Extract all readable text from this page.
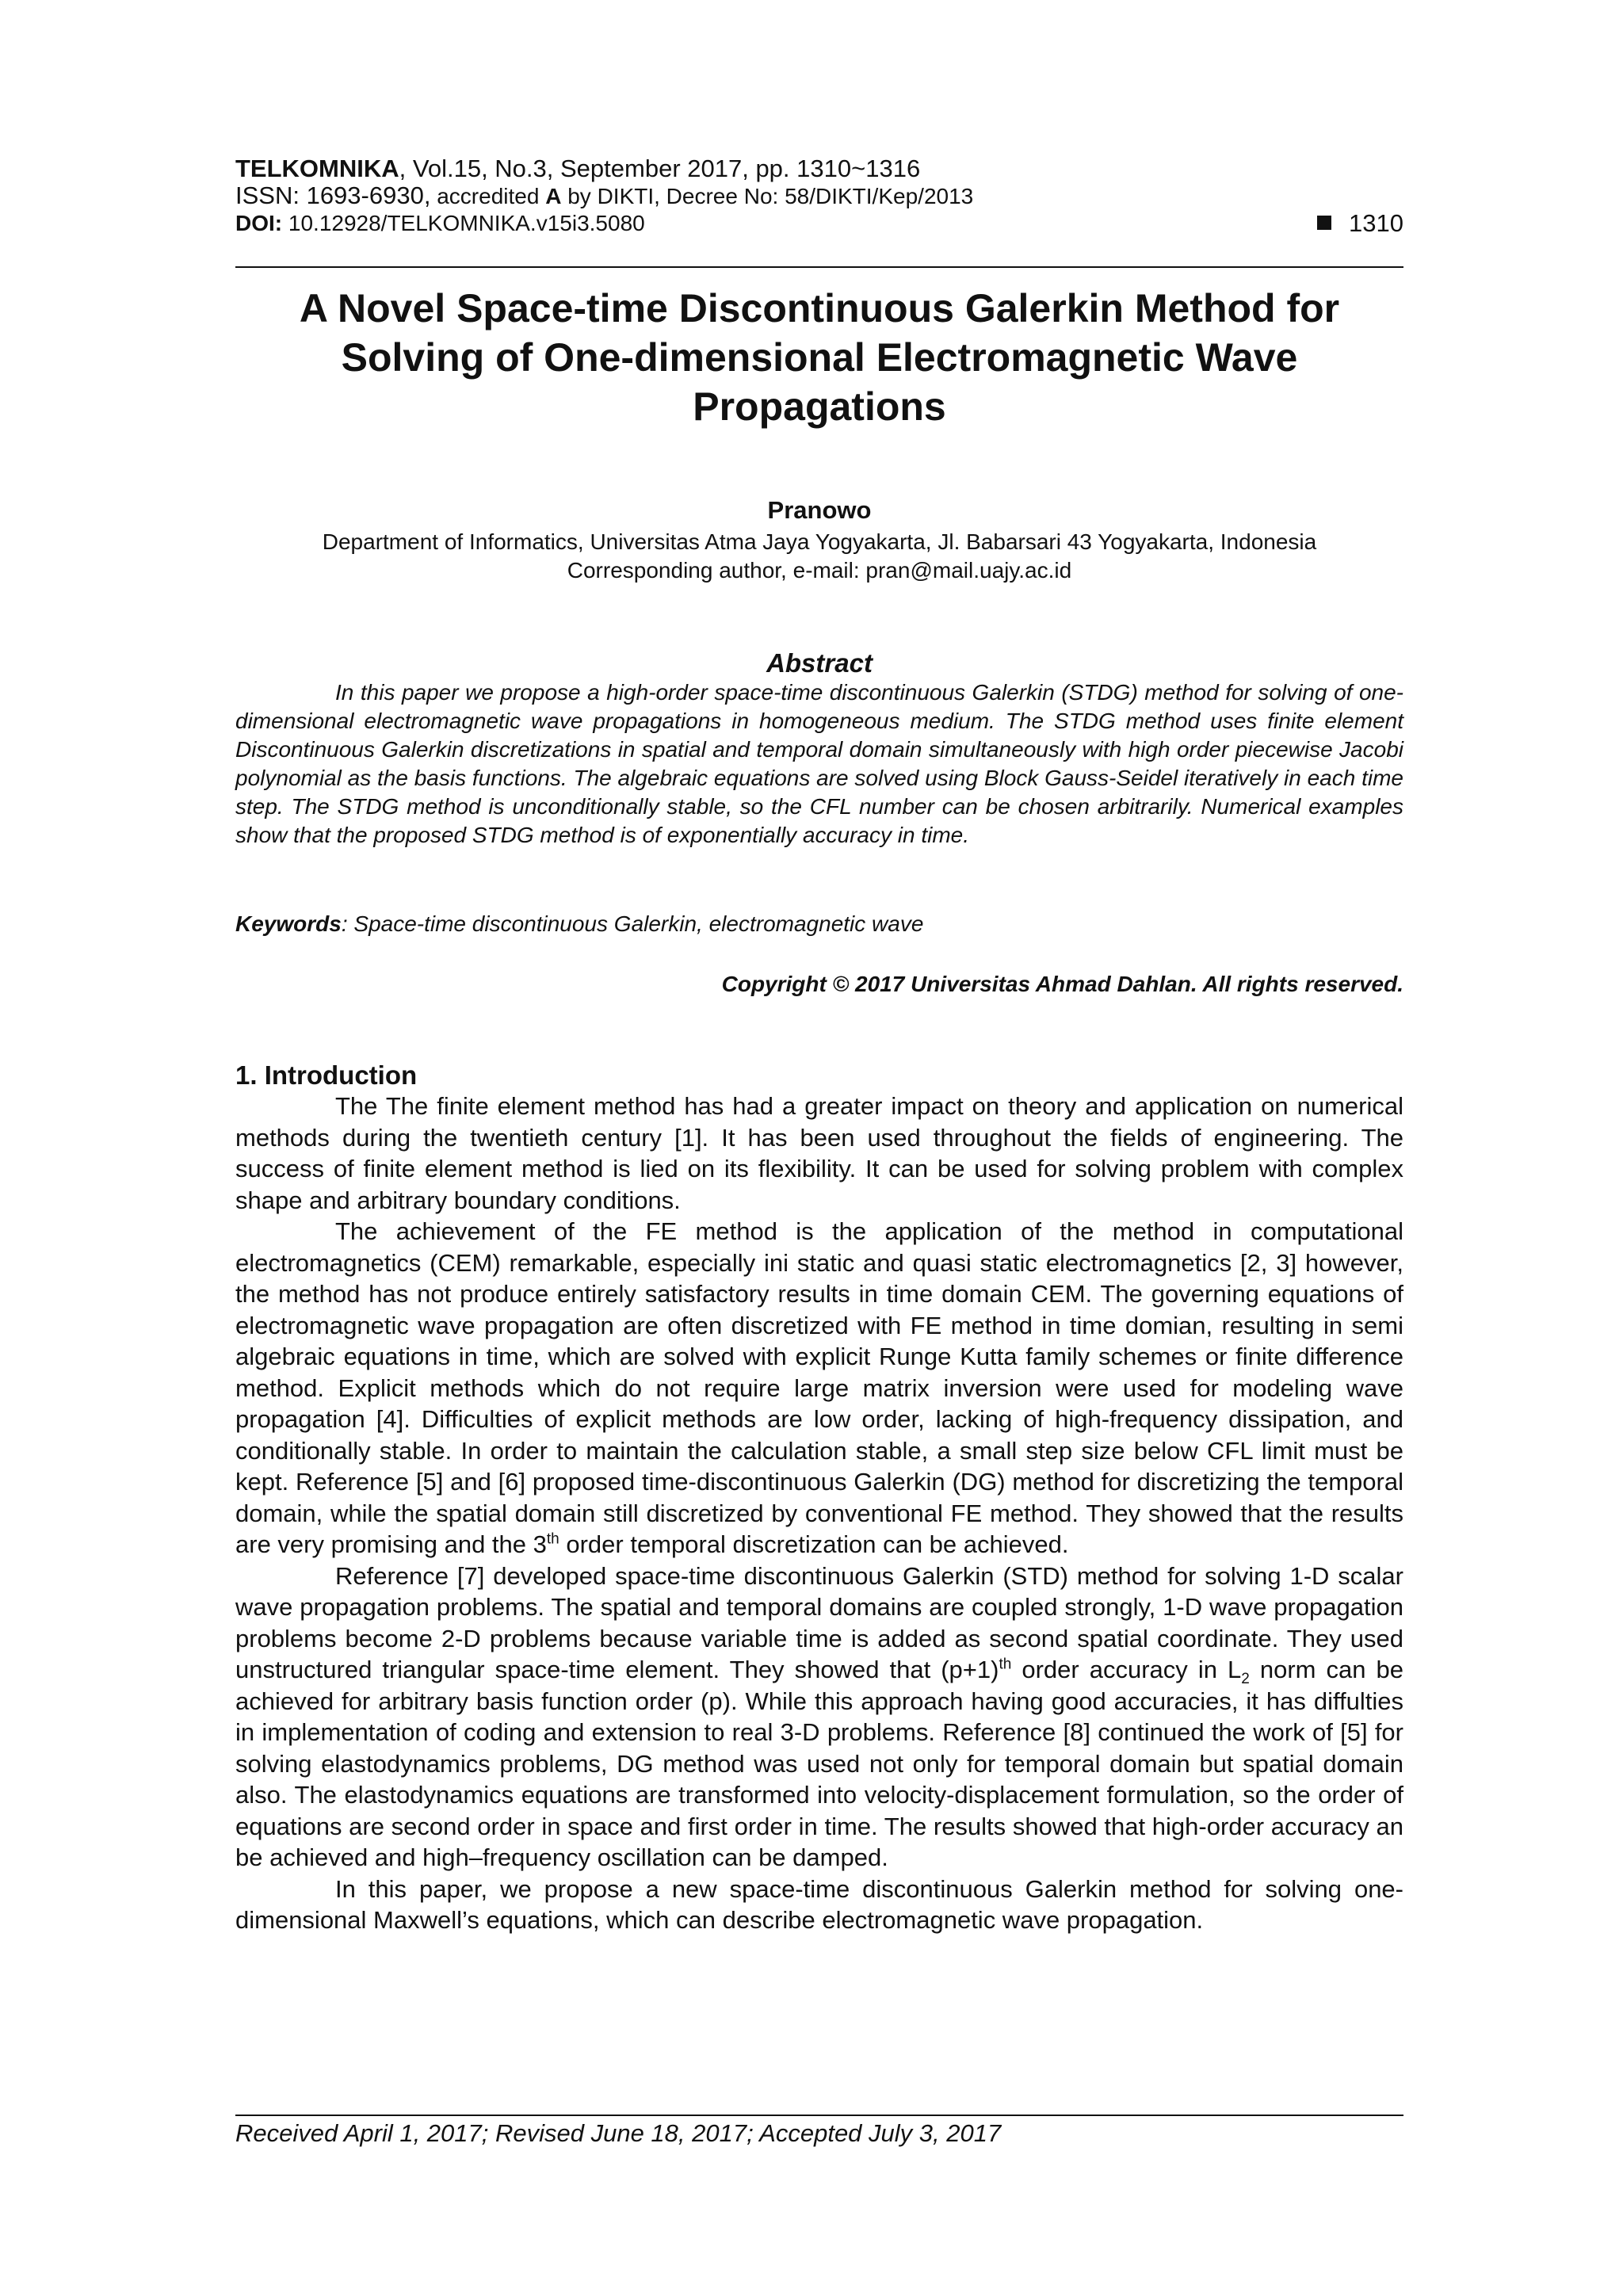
TELKOMNIKA, Vol.15, No.3, September 2017, pp. 1310~1316
ISSN: 1693-6930, accredited A by DIKTI, Decree No: 58/DIKTI/Kep/2013
DOI: 10.12928/TELKOMNIKA.v15i3.5080	1310
A Novel Space-time Discontinuous Galerkin Method for Solving of One-dimensional Electromagnetic Wave Propagations
Pranowo
Department of Informatics, Universitas Atma Jaya Yogyakarta, Jl. Babarsari 43 Yogyakarta, Indonesia
Corresponding author, e-mail: pran@mail.uajy.ac.id
Abstract
In this paper we propose a high-order space-time discontinuous Galerkin (STDG) method for solving of one-dimensional electromagnetic wave propagations in homogeneous medium. The STDG method uses finite element Discontinuous Galerkin discretizations in spatial and temporal domain simultaneously with high order piecewise Jacobi polynomial as the basis functions. The algebraic equations are solved using Block Gauss-Seidel iteratively in each time step. The STDG method is unconditionally stable, so the CFL number can be chosen arbitrarily. Numerical examples show that the proposed STDG method is of exponentially accuracy in time.
Keywords: Space-time discontinuous Galerkin, electromagnetic wave
Copyright © 2017 Universitas Ahmad Dahlan. All rights reserved.
1. Introduction

The The finite element method has had a greater impact on theory and application on numerical methods during the twentieth century [1]. It has been used throughout the fields of engineering. The success of finite element method is lied on its flexibility. It can be used for solving problem with complex shape and arbitrary boundary conditions.

The achievement of the FE method is the application of the method in computational electromagnetics (CEM) remarkable, especially ini static and quasi static electromagnetics [2, 3] however, the method has not produce entirely satisfactory results in time domain CEM. The governing equations of electromagnetic wave propagation are often discretized with FE method in time domian, resulting in semi algebraic equations in time, which are solved with explicit Runge Kutta family schemes or finite difference method. Explicit methods which do not require large matrix inversion were used for modeling wave propagation [4]. Difficulties of explicit methods are low order, lacking of high-frequency dissipation, and conditionally stable. In order to maintain the calculation stable, a small step size below CFL limit must be kept. Reference [5] and [6] proposed time-discontinuous Galerkin (DG) method for discretizing the temporal domain, while the spatial domain still discretized by conventional FE method. They showed that the results are very promising and the 3th order temporal discretization can be achieved.

Reference [7] developed space-time discontinuous Galerkin (STD) method for solving 1-D scalar wave propagation problems. The spatial and temporal domains are coupled strongly, 1-D wave propagation problems become 2-D problems because variable time is added as second spatial coordinate. They used unstructured triangular space-time element. They showed that $(p+1)^{th}$ order accuracy in $L_2$ norm can be achieved for arbitrary basis function order (p). While this approach having good accuracies, it has diffulties in implementation of coding and extension to real 3-D problems. Reference [8] continued the work of [5] for solving elastodynamics problems, DG method was used not only for temporal domain but spatial domain also. The elastodynamics equations are transformed into velocity-displacement formulation, so the order of equations are second order in space and first order in time. The results showed that high-order accuracy an be achieved and high–frequency oscillation can be damped.

In this paper, we propose a new space-time discontinuous Galerkin method for solving one-dimensional Maxwell’s equations, which can describe electromagnetic wave propagation.

Received April 1, 2017; Revised June 18, 2017; Accepted July 3, 2017
